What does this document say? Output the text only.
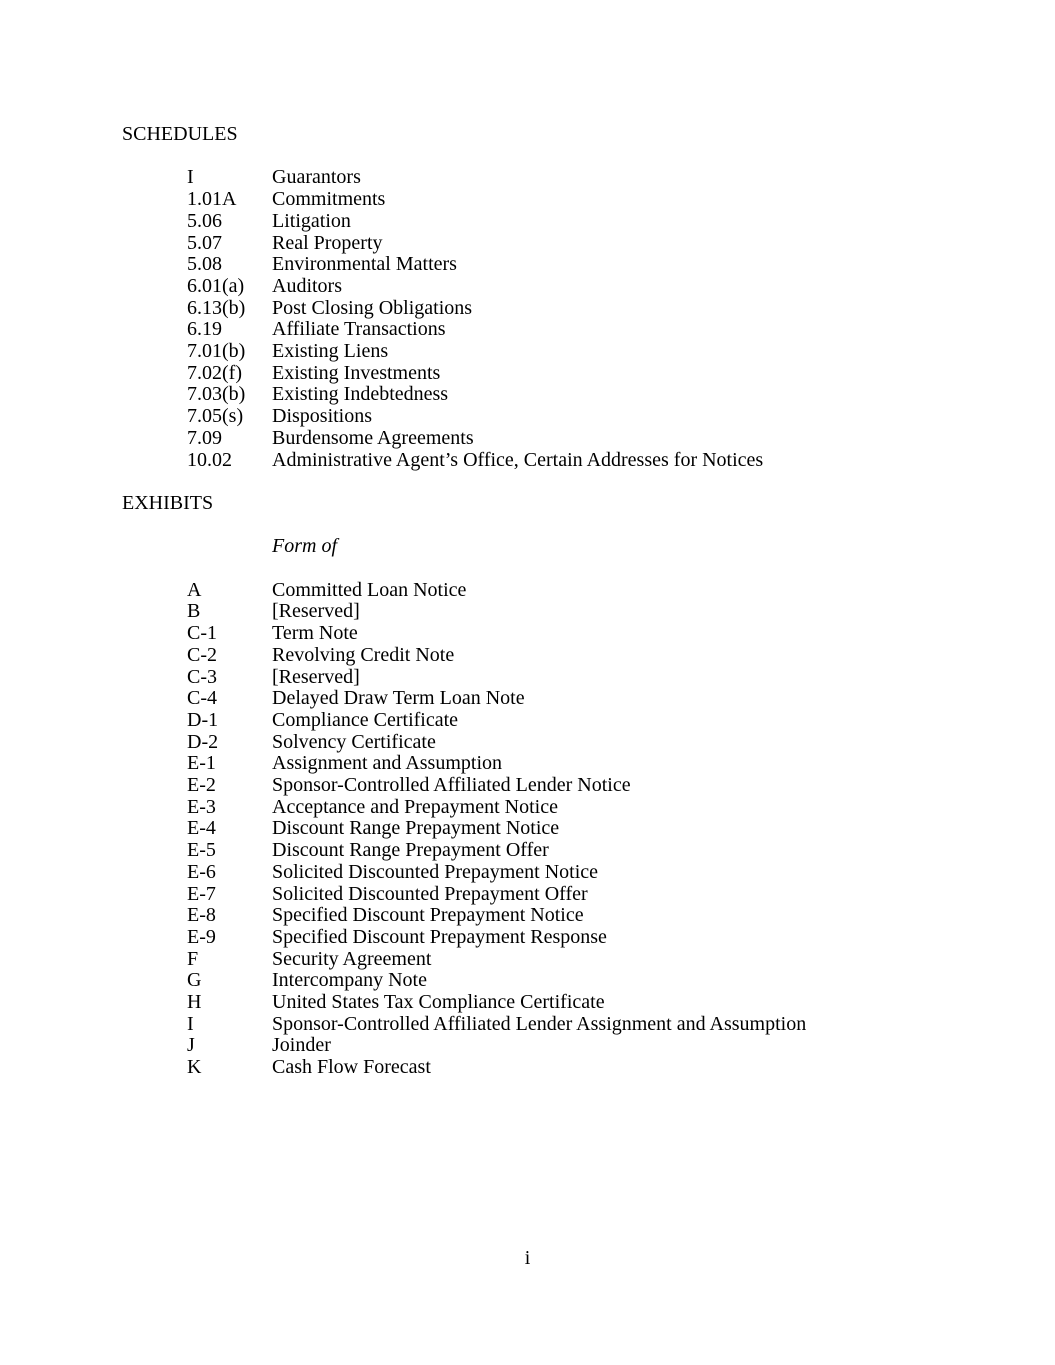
SCHEDULES
I	Guarantors
1.01A Commitments
5.06	Litigation
5.07	Real Property
5.08	Environmental Matters
6.01(a) Auditors
6.13(b) Post Closing Obligations
6.19	Affiliate Transactions
7.01(b) Existing Liens
7.02(f) Existing Investments
7.03(b) Existing Indebtedness
7.05(s) Dispositions
7.09	Burdensome Agreements
10.02 Administrative Agent’s Office, Certain Addresses for Notices
EXHIBITS
Form of
A	Committed Loan Notice
B	[Reserved]
C-1	Term Note
C-2	Revolving Credit Note
C-3	[Reserved]
C-4	Delayed Draw Term Loan Note
D-1	Compliance Certificate
D-2	Solvency Certificate
E-1	Assignment and Assumption
E-2	Sponsor-Controlled Affiliated Lender Notice
E-3	Acceptance and Prepayment Notice
E-4	Discount Range Prepayment Notice
E-5	Discount Range Prepayment Offer
E-6	Solicited Discounted Prepayment Notice
E-7	Solicited Discounted Prepayment Offer
E-8	Specified Discount Prepayment Notice
E-9	Specified Discount Prepayment Response
F	Security Agreement
G	Intercompany Note
H	United States Tax Compliance Certificate
I	Sponsor-Controlled Affiliated Lender Assignment and Assumption
J	Joinder
K	Cash Flow Forecast
i
